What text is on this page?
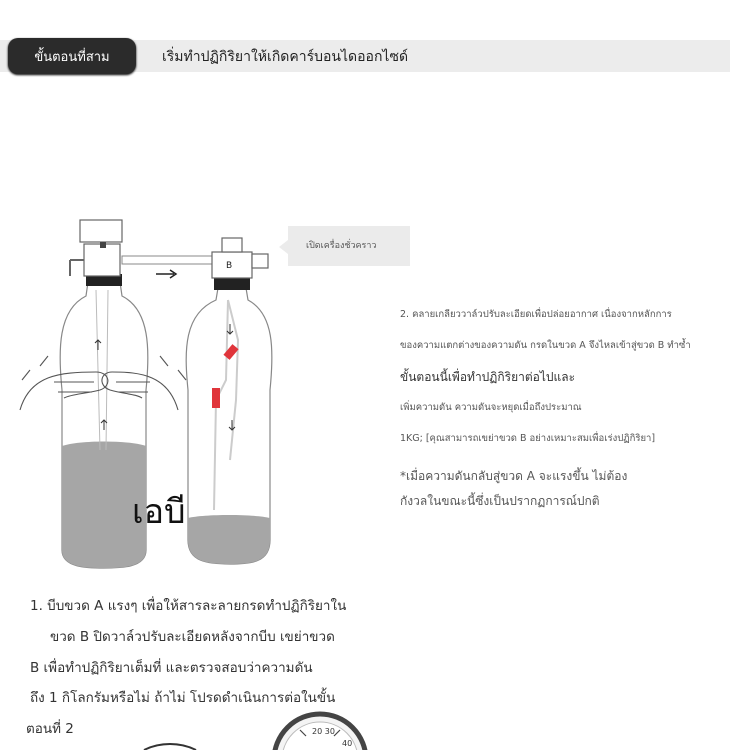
ขั้นตอนที่สาม	เริ่มทำปฏิกิริยาให้เกิดคาร์บอนไดออกไซด์
B
เอบี
เปิดเครื่องชั่วคราว
2. คลายเกลียววาล์วปรับละเอียดเพื่อปล่อยอากาศ เนื่องจากหลักการ
ของความแตกต่างของความดัน กรดในขวด A จึงไหลเข้าสู่ขวด B ทำซ้ำ
ขั้นตอนนี้เพื่อทำปฏิกิริยาต่อไปและ
เพิ่มความดัน ความดันจะหยุดเมื่อถึงประมาณ
1KG; [คุณสามารถเขย่าขวด B อย่างเหมาะสมเพื่อเร่งปฏิกิริยา]
*เมื่อความดันกลับสู่ขวด A จะแรงขึ้น ไม่ต้อง
กังวลในขณะนี้ซึ่งเป็นปรากฏการณ์ปกติ
1. บีบขวด A แรงๆ เพื่อให้สารละลายกรดทำปฏิกิริยาใน
ขวด B ปิดวาล์วปรับละเอียดหลังจากบีบ เขย่าขวด
B เพื่อทำปฏิกิริยาเต็มที่ และตรวจสอบว่าความดัน
ถึง 1 กิโลกรัมหรือไม่ ถ้าไม่ โปรดดำเนินการต่อในขั้น
ตอนที่ 2	20 30
40
